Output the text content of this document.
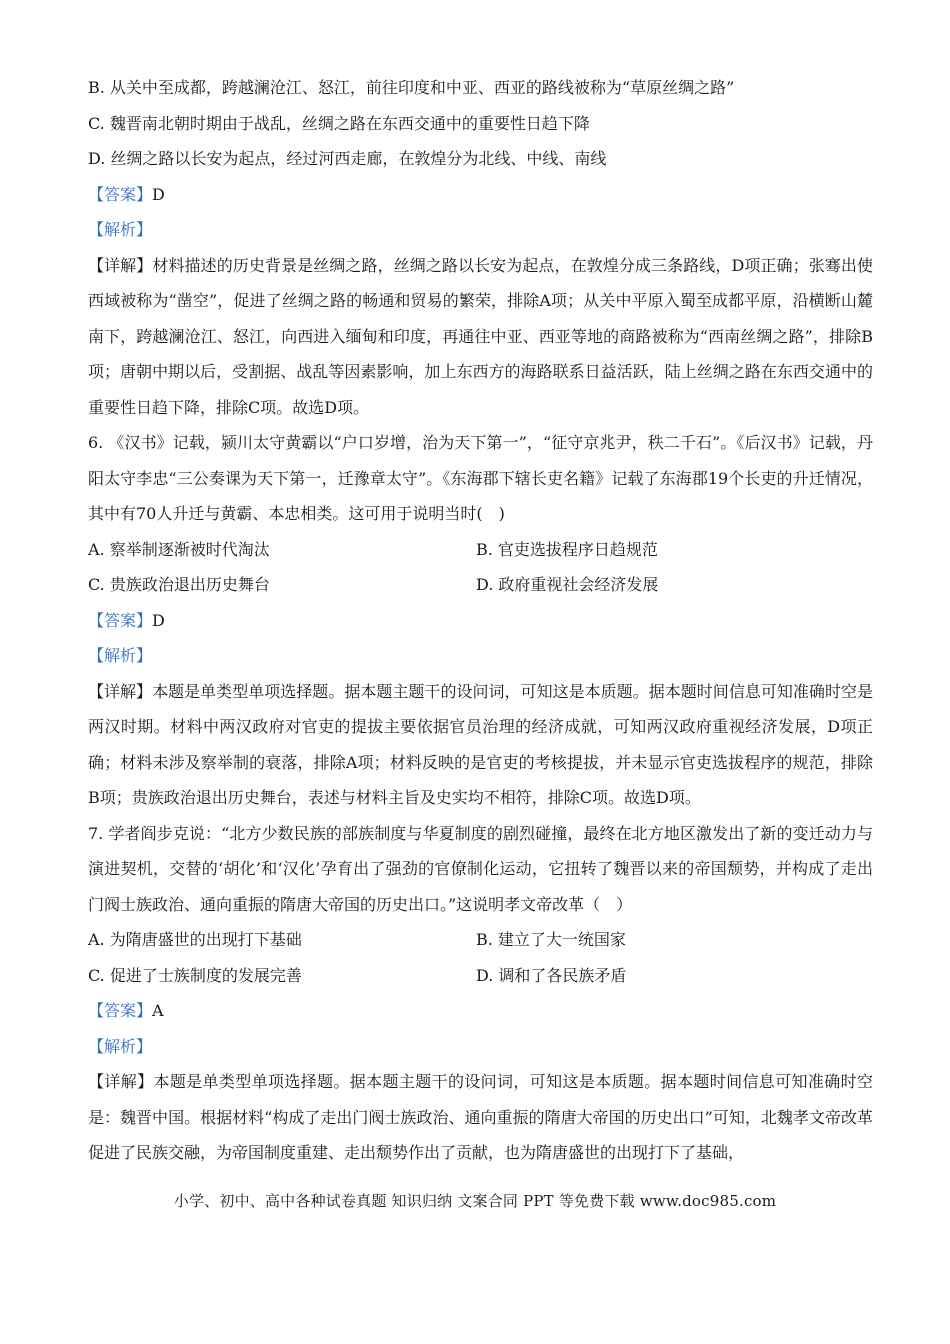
B. 从关中至成都，跨越澜沧江、怒江，前往印度和中亚、西亚的路线被称为“草原丝绸之路”
C. 魏晋南北朝时期由于战乱，丝绸之路在东西交通中的重要性日趋下降
D. 丝绸之路以长安为起点，经过河西走廊，在敦煌分为北线、中线、南线
【答案】D
【解析】
【详解】材料描述的历史背景是丝绸之路，丝绸之路以长安为起点，在敦煌分成三条路线，D项正确；张骞出使西域被称为“凿空”，促进了丝绸之路的畅通和贸易的繁荣，排除A项；从关中平原入蜀至成都平原，沿横断山麓南下，跨越澜沧江、怒江，向西进入缅甸和印度，再通往中亚、西亚等地的商路被称为“西南丝绸之路”，排除B项；唐朝中期以后，受割据、战乱等因素影响，加上东西方的海路联系日益活跃，陆上丝绸之路在东西交通中的重要性日趋下降，排除C项。故选D项。
6. 《汉书》记载，颍川太守黄霸以“户口岁增，治为天下第一”，“征守京兆尹，秩二千石”。《后汉书》记载，丹阳太守李忠“三公奏课为天下第一，迁豫章太守”。《东海郡下辖长吏名籍》记载了东海郡19个长吏的升迁情况，其中有70人升迁与黄霸、本忠相类。这可用于说明当时(　)
A. 察举制逐渐被时代淘汰	B. 官吏选拔程序日趋规范
C. 贵族政治退出历史舞台	D. 政府重视社会经济发展
【答案】D
【解析】
【详解】本题是单类型单项选择题。据本题主题干的设问词，可知这是本质题。据本题时间信息可知准确时空是两汉时期。材料中两汉政府对官吏的提拔主要依据官员治理的经济成就，可知两汉政府重视经济发展，D项正确；材料未涉及察举制的衰落，排除A项；材料反映的是官吏的考核提拔，并未显示官吏选拔程序的规范，排除B项；贵族政治退出历史舞台，表述与材料主旨及史实均不相符，排除C项。故选D项。
7. 学者阎步克说：“北方少数民族的部族制度与华夏制度的剧烈碰撞，最终在北方地区激发出了新的变迁动力与演进契机，交替的‘胡化’和‘汉化’孕育出了强劲的官僚制化运动，它扭转了魏晋以来的帝国颓势，并构成了走出门阀士族政治、通向重振的隋唐大帝国的历史出口。”这说明孝文帝改革（　）
A. 为隋唐盛世的出现打下基础	B. 建立了大一统国家
C. 促进了士族制度的发展完善	D. 调和了各民族矛盾
【答案】A
【解析】
【详解】本题是单类型单项选择题。据本题主题干的设问词，可知这是本质题。据本题时间信息可知准确时空是：魏晋中国。根据材料“构成了走出门阀士族政治、通向重振的隋唐大帝国的历史出口”可知，北魏孝文帝改革促进了民族交融，为帝国制度重建、走出颓势作出了贡献，也为隋唐盛世的出现打下了基础，
小学、初中、高中各种试卷真题 知识归纳 文案合同 PPT 等免费下载 www.doc985.com
